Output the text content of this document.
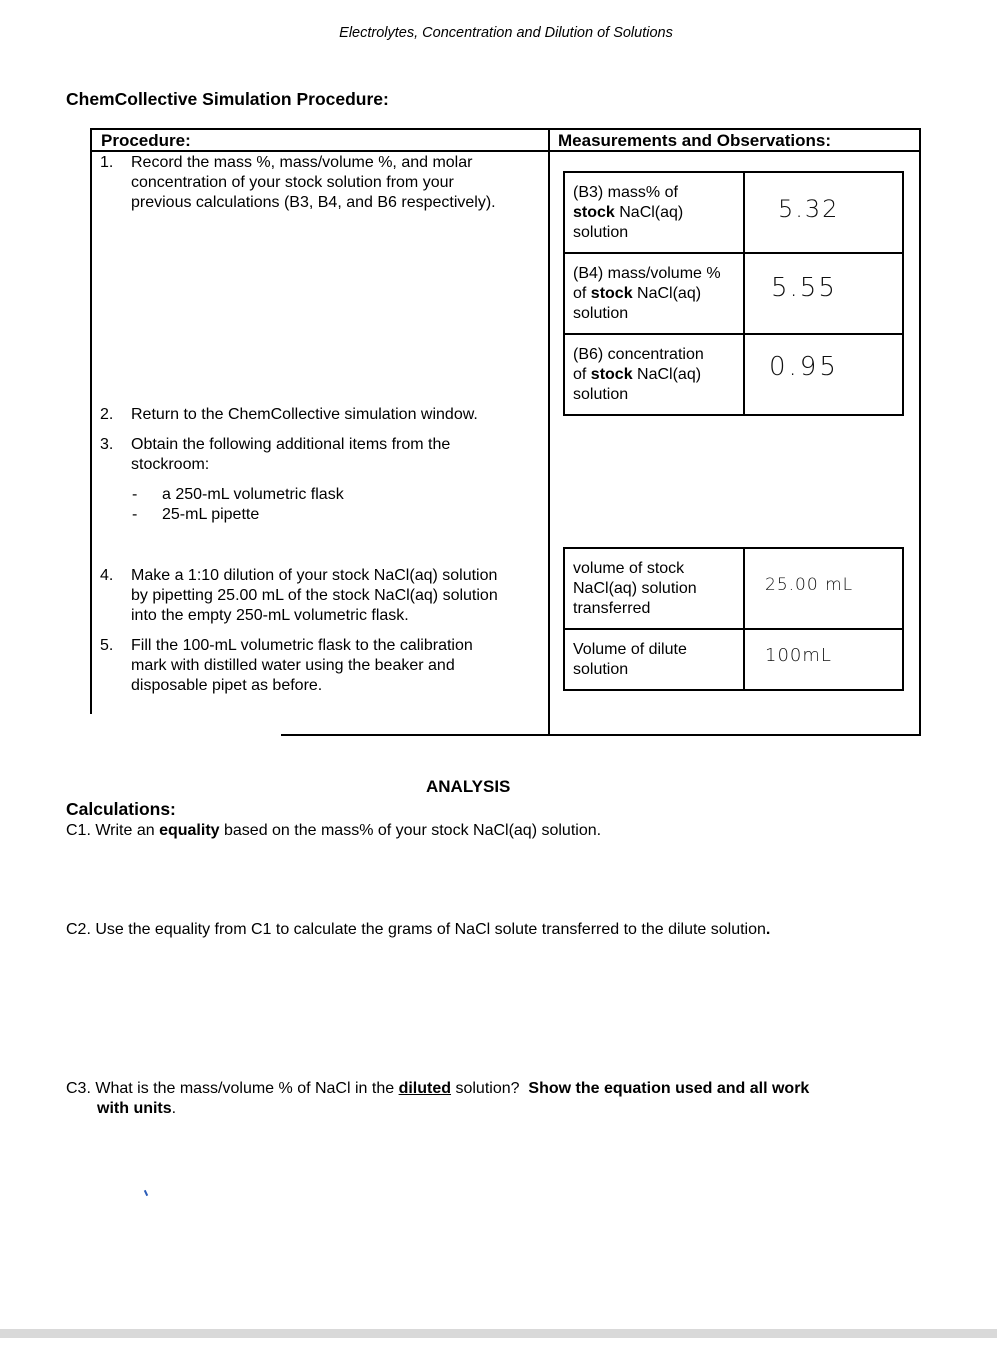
Electrolytes, Concentration and Dilution of Solutions
ChemCollective Simulation Procedure:
Procedure:	Measurements and Observations:
1. Record the mass %, mass/volume %, and molar
concentration of your stock solution from your
previous calculations (B3, B4, and B6 respectively).
2. Return to the ChemCollective simulation window.
3. Obtain the following additional items from the
stockroom:
- a 250-mL volumetric flask
- 25-mL pipette
4. Make a 1:10 dilution of your stock NaCl(aq) solution
by pipetting 25.00 mL of the stock NaCl(aq) solution
into the empty 250-mL volumetric flask.
5. Fill the 100-mL volumetric flask to the calibration
mark with distilled water using the beaker and
disposable pipet as before.
(B3) mass% of
stock NaCl(aq)
solution	5.32

(B4) mass/volume %
of stock NaCl(aq)
solution	5.55

(B6) concentration
of stock NaCl(aq)
solution	0.95
volume of stock
NaCl(aq) solution
transferred	25.00 mL

Volume of dilute
solution	100mL
ANALYSIS
Calculations:
C1. Write an equality based on the mass% of your stock NaCl(aq) solution.
C2. Use the equality from C1 to calculate the grams of NaCl solute transferred to the dilute solution.
C3. What is the mass/volume % of NaCl in the diluted solution?  Show the equation used and all work
with units.
